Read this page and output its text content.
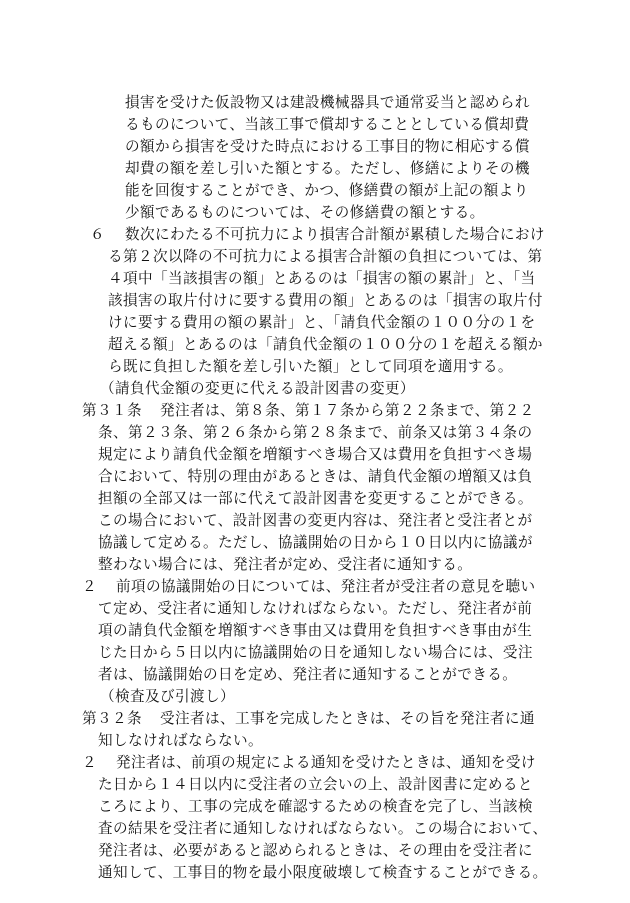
損害を受けた仮設物又は建設機械器具で通常妥当と認められ
るものについて、当該工事で償却することとしている償却費
の額から損害を受けた時点における工事目的物に相応する償
却費の額を差し引いた額とする。ただし、修繕によりその機
能を回復することができ、かつ、修繕費の額が上記の額より
少額であるものについては、その修繕費の額とする。
６ 数次にわたる不可抗力により損害合計額が累積した場合におけ
る第２次以降の不可抗力による損害合計額の負担については、第
４項中「当該損害の額」とあるのは「損害の額の累計」と、「当
該損害の取片付けに要する費用の額」とあるのは「損害の取片付
けに要する費用の額の累計」と、「請負代金額の１００分の１を
超える額」とあるのは「請負代金額の１００分の１を超える額か
ら既に負担した額を差し引いた額」として同項を適用する。
（請負代金額の変更に代える設計図書の変更）
第３１条 発注者は、第８条、第１７条から第２２条まで、第２２
条、第２３条、第２６条から第２８条まで、前条又は第３４条の
規定により請負代金額を増額すべき場合又は費用を負担すべき場
合において、特別の理由があるときは、請負代金額の増額又は負
担額の全部又は一部に代えて設計図書を変更することができる。
この場合において、設計図書の変更内容は、発注者と受注者とが
協議して定める。ただし、協議開始の日から１０日以内に協議が
整わない場合には、発注者が定め、受注者に通知する。
２ 前項の協議開始の日については、発注者が受注者の意見を聴い
て定め、受注者に通知しなければならない。ただし、発注者が前
項の請負代金額を増額すべき事由又は費用を負担すべき事由が生
じた日から５日以内に協議開始の日を通知しない場合には、受注
者は、協議開始の日を定め、発注者に通知することができる。
（検査及び引渡し）
第３２条 受注者は、工事を完成したときは、その旨を発注者に通
知しなければならない。
２ 発注者は、前項の規定による通知を受けたときは、通知を受け
た日から１４日以内に受注者の立会いの上、設計図書に定めると
ころにより、工事の完成を確認するための検査を完了し、当該検
査の結果を受注者に通知しなければならない。この場合において、
発注者は、必要があると認められるときは、その理由を受注者に
通知して、工事目的物を最小限度破壊して検査することができる。
